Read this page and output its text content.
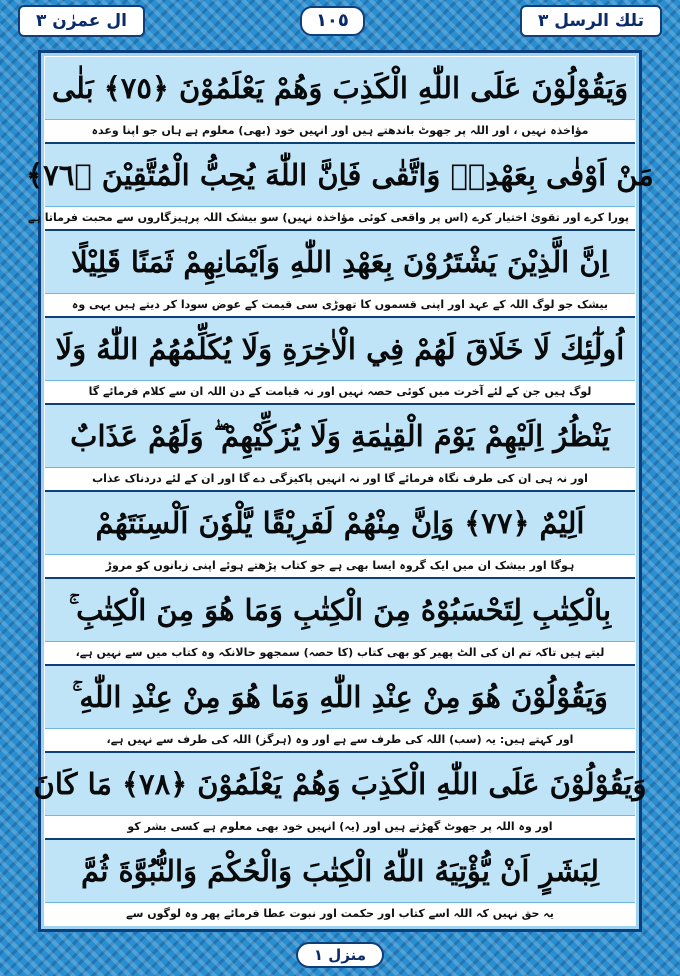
تلك الرسل ٣
١٠٥
ال عمرٰن ٣
وَيَقُوْلُوْنَ عَلَى اللّٰهِ الْكَذِبَ وَهُمْ يَعْلَمُوْنَ ﴿٧٥﴾ بَلٰى
مؤاخذہ نہیں ، اور اللہ پر جھوٹ باندھتے ہیں اور انہیں خود (بھی) معلوم ہے ہاں جو اپنا وعدہ
مَنْ اَوْفٰى بِعَهْدِهٖ وَاتَّقٰى فَاِنَّ اللّٰهَ يُحِبُّ الْمُتَّقِيْنَ ﴿٧٦﴾
پورا کرے اور تقویٰ اختیار کرے (اس پر واقعی کوئی مؤاخذہ نہیں) سو بیشک اللہ پرہیزگاروں سے محبت فرماتا ہے
اِنَّ الَّذِيْنَ يَشْتَرُوْنَ بِعَهْدِ اللّٰهِ وَاَيْمَانِهِمْ ثَمَنًا قَلِيْلًا
بیشک جو لوگ اللہ کے عہد اور اپنی قسموں کا تھوڑی سی قیمت کے عوض سودا کر دیتے ہیں یہی وہ
اُولٰٓئِكَ لَا خَلَاقَ لَهُمْ فِي الْاٰخِرَةِ وَلَا يُكَلِّمُهُمُ اللّٰهُ وَلَا
لوگ ہیں جن کے لئے آخرت میں کوئی حصہ نہیں اور نہ قیامت کے دن اللہ ان سے کلام فرمائے گا
يَنْظُرُ اِلَيْهِمْ يَوْمَ الْقِيٰمَةِ وَلَا يُزَكِّيْهِمْ ۖ وَلَهُمْ عَذَابٌ
اور نہ ہی ان کی طرف نگاہ فرمائے گا اور نہ انہیں پاکیزگی دے گا اور ان کے لئے دردناک عذاب
اَلِيْمٌ ﴿٧٧﴾ وَاِنَّ مِنْهُمْ لَفَرِيْقًا يَّلْوٗنَ اَلْسِنَتَهُمْ
ہوگا اور بیشک ان میں ایک گروہ ایسا بھی ہے جو کتاب پڑھتے ہوئے اپنی زبانوں کو مروڑ
بِالْكِتٰبِ لِتَحْسَبُوْهُ مِنَ الْكِتٰبِ وَمَا هُوَ مِنَ الْكِتٰبِ ۚ
لیتے ہیں تاکہ تم ان کی الٹ پھیر کو بھی کتاب (کا حصہ) سمجھو حالانکہ وہ کتاب میں سے نہیں ہے،
وَيَقُوْلُوْنَ هُوَ مِنْ عِنْدِ اللّٰهِ وَمَا هُوَ مِنْ عِنْدِ اللّٰهِ ۚ
اور کہتے ہیں: یہ (سب) اللہ کی طرف سے ہے اور وہ (ہرگز) اللہ کی طرف سے نہیں ہے،
وَيَقُوْلُوْنَ عَلَى اللّٰهِ الْكَذِبَ وَهُمْ يَعْلَمُوْنَ ﴿٧٨﴾ مَا كَانَ
اور وہ اللہ پر جھوٹ گھڑتے ہیں اور (یہ) انہیں خود بھی معلوم ہے کسی بشر کو
لِبَشَرٍ اَنْ يُّؤْتِيَهُ اللّٰهُ الْكِتٰبَ وَالْحُكْمَ وَالنُّبُوَّةَ ثُمَّ
یہ حق نہیں کہ اللہ اسے کتاب اور حکمت اور نبوت عطا فرمائے پھر وہ لوگوں سے
منزل ١
